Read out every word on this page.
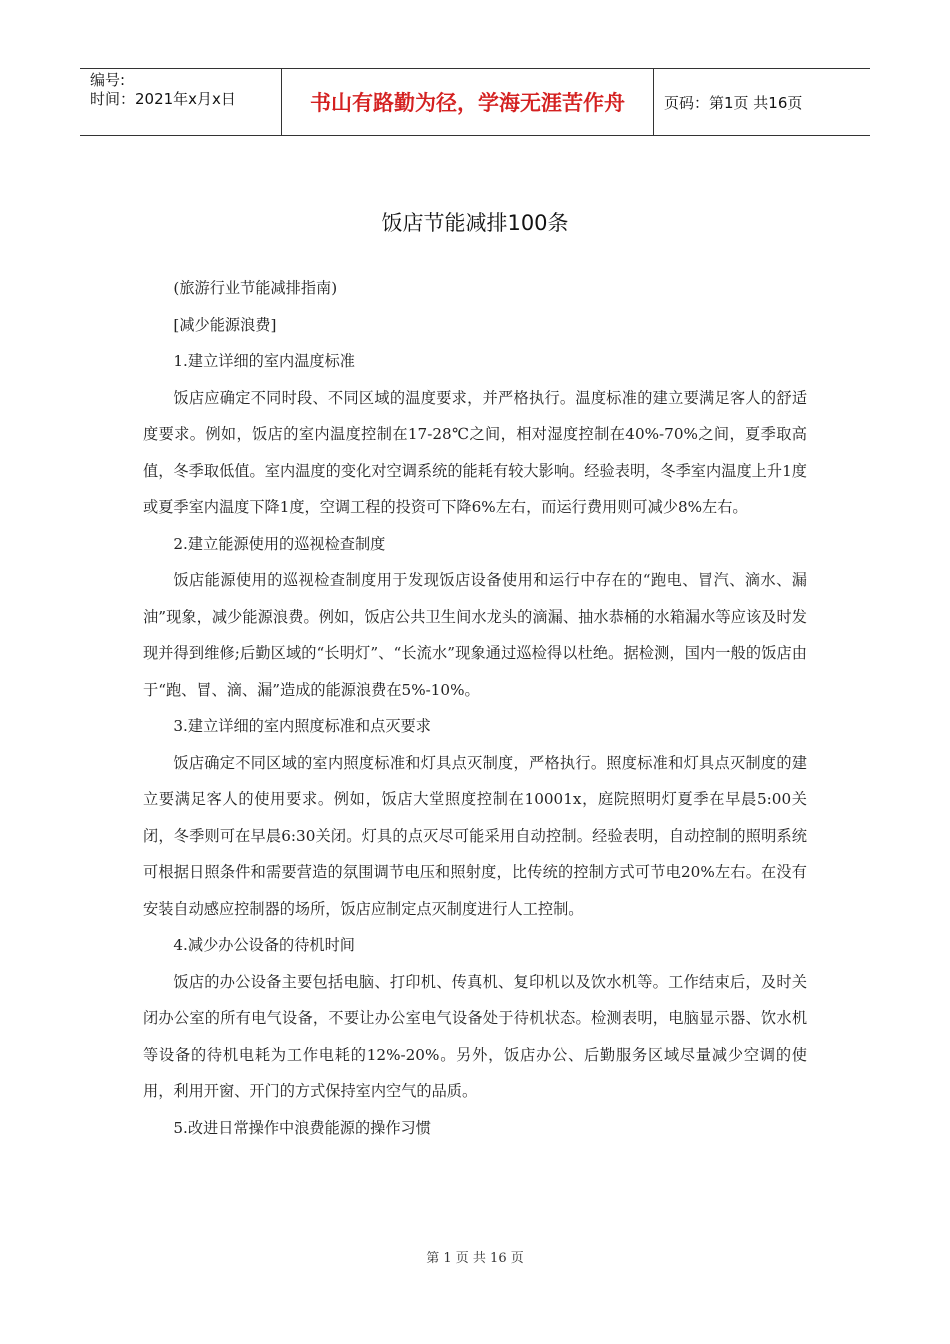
编号:
时间：2021年x月x日	书山有路勤为径，学海无涯苦作舟	页码：第1页 共16页
饭店节能减排100条

(旅游行业节能减排指南)

[减少能源浪费]

1.建立详细的室内温度标准

饭店应确定不同时段、不同区域的温度要求，并严格执行。温度标准的建立要满足客人的舒适度要求。例如，饭店的室内温度控制在17-28℃之间，相对湿度控制在40%-70%之间，夏季取高值，冬季取低值。室内温度的变化对空调系统的能耗有较大影响。经验表明，冬季室内温度上升1度或夏季室内温度下降1度，空调工程的投资可下降6%左右，而运行费用则可减少8%左右。

2.建立能源使用的巡视检查制度

饭店能源使用的巡视检查制度用于发现饭店设备使用和运行中存在的“跑电、冒汽、滴水、漏油”现象，减少能源浪费。例如，饭店公共卫生间水龙头的滴漏、抽水恭桶的水箱漏水等应该及时发现并得到维修;后勤区域的“长明灯”、“长流水”现象通过巡检得以杜绝。据检测，国内一般的饭店由于“跑、冒、滴、漏”造成的能源浪费在5%-10%。

3.建立详细的室内照度标准和点灭要求

饭店确定不同区域的室内照度标准和灯具点灭制度，严格执行。照度标准和灯具点灭制度的建立要满足客人的使用要求。例如，饭店大堂照度控制在10001x，庭院照明灯夏季在早晨5:00关闭，冬季则可在早晨6:30关闭。灯具的点灭尽可能采用自动控制。经验表明，自动控制的照明系统可根据日照条件和需要营造的氛围调节电压和照射度，比传统的控制方式可节电20%左右。在没有安装自动感应控制器的场所，饭店应制定点灭制度进行人工控制。

4.减少办公设备的待机时间

饭店的办公设备主要包括电脑、打印机、传真机、复印机以及饮水机等。工作结束后，及时关闭办公室的所有电气设备，不要让办公室电气设备处于待机状态。检测表明，电脑显示器、饮水机等设备的待机电耗为工作电耗的12%-20%。另外，饭店办公、后勤服务区域尽量减少空调的使用，利用开窗、开门的方式保持室内空气的品质。

5.改进日常操作中浪费能源的操作习惯

第 1 页 共 16 页
